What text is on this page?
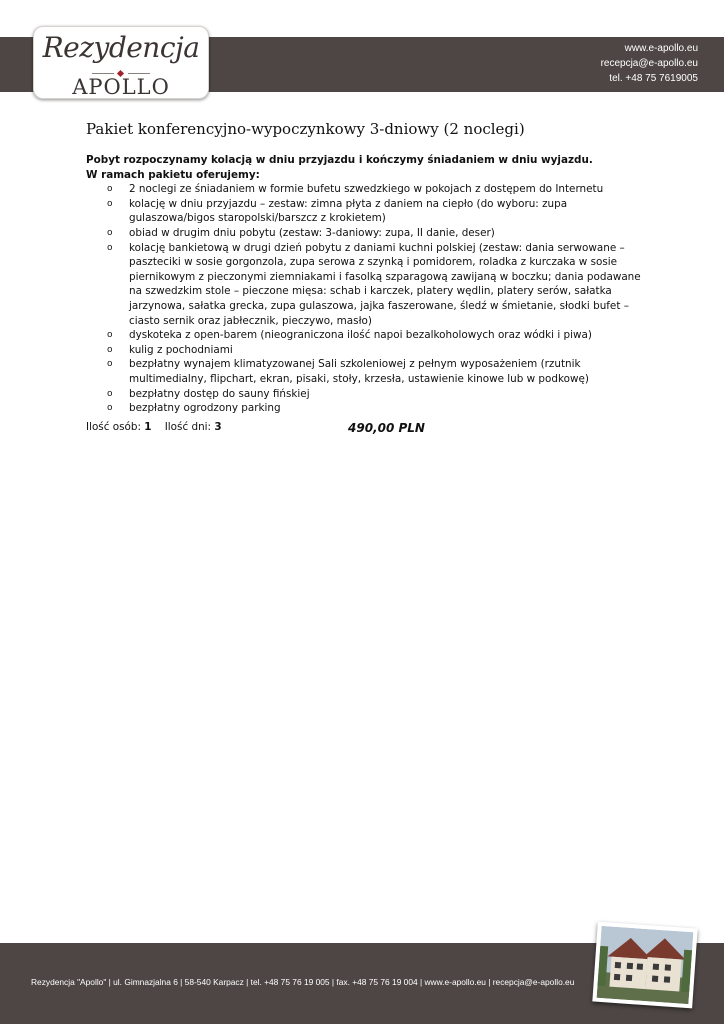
Rezydencja
APOLLO
www.e-apollo.eu
recepcja@e-apollo.eu
tel. +48 75 7619005
Pakiet konferencyjno-wypoczynkowy 3-dniowy (2 noclegi)
Pobyt rozpoczynamy kolacją w dniu przyjazdu i kończymy śniadaniem w dniu wyjazdu.
W ramach pakietu oferujemy:
o 2 noclegi ze śniadaniem w formie bufetu szwedzkiego w pokojach z dostępem do Internetu
o kolację w dniu przyjazdu – zestaw: zimna płyta z daniem na ciepło (do wyboru: zupa gulaszowa/bigos staropolski/barszcz z krokietem)
o obiad w drugim dniu pobytu (zestaw: 3-daniowy: zupa, II danie, deser)
o kolację bankietową w drugi dzień pobytu z daniami kuchni polskiej (zestaw: dania serwowane – paszteciki w sosie gorgonzola, zupa serowa z szynką i pomidorem, roladka z kurczaka w sosie piernikowym z pieczonymi ziemniakami i fasolką szparagową zawijaną w boczku; dania podawane na szwedzkim stole – pieczone mięsa: schab i karczek, platery wędlin, platery serów, sałatka jarzynowa, sałatka grecka, zupa gulaszowa, jajka faszerowane, śledź w śmietanie, słodki bufet – ciasto sernik oraz jabłecznik, pieczywo, masło)
o dyskoteka z open-barem (nieograniczona ilość napoi bezalkoholowych oraz wódki i piwa)
o kulig z pochodniami
o bezpłatny wynajem klimatyzowanej Sali szkoleniowej z pełnym wyposażeniem (rzutnik multimedialny, flipchart, ekran, pisaki, stoły, krzesła, ustawienie kinowe lub w podkowę)
o bezpłatny dostęp do sauny fińskiej
o bezpłatny ogrodzony parking
Ilość osób: 1 Ilość dni: 3	490,00 PLN
Rezydencja "Apollo" | ul. Gimnazjalna 6 | 58-540 Karpacz | tel. +48 75 76 19 005 | fax. +48 75 76 19 004 | www.e-apollo.eu | recepcja@e-apollo.eu
